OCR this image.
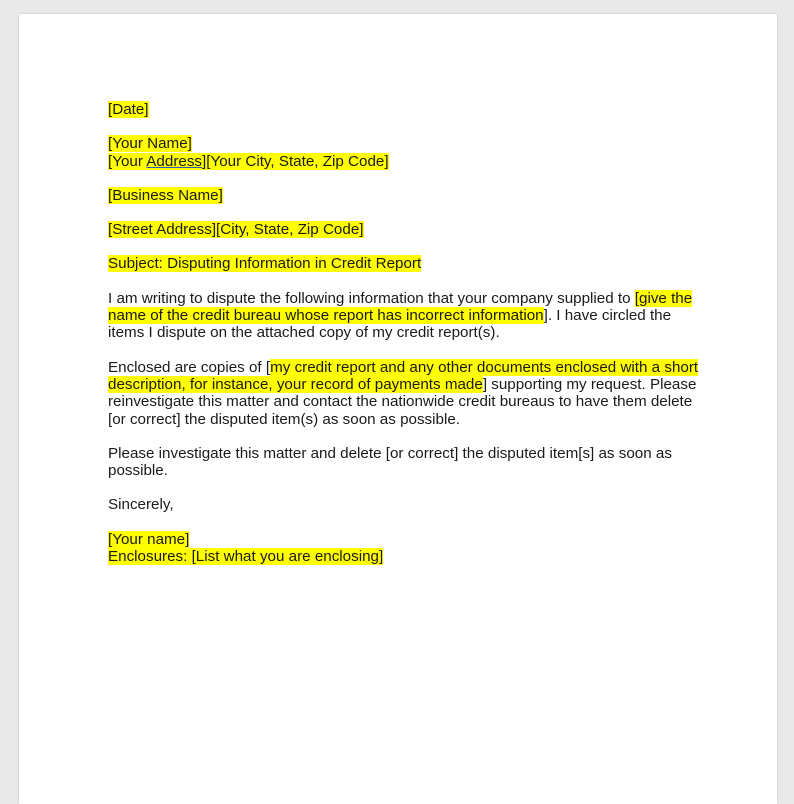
[Date]

[Your Name]
[Your Address][Your City, State, Zip Code]

[Business Name]

[Street Address][City, State, Zip Code]

Subject: Disputing Information in Credit Report

I am writing to dispute the following information that your company supplied to [give the name of the credit bureau whose report has incorrect information]. I have circled the items I dispute on the attached copy of my credit report(s).

Enclosed are copies of [my credit report and any other documents enclosed with a short description, for instance, your record of payments made] supporting my request. Please reinvestigate this matter and contact the nationwide credit bureaus to have them delete [or correct] the disputed item(s) as soon as possible.

Please investigate this matter and delete [or correct] the disputed item[s] as soon as possible.

Sincerely,

[Your name]
Enclosures: [List what you are enclosing]
